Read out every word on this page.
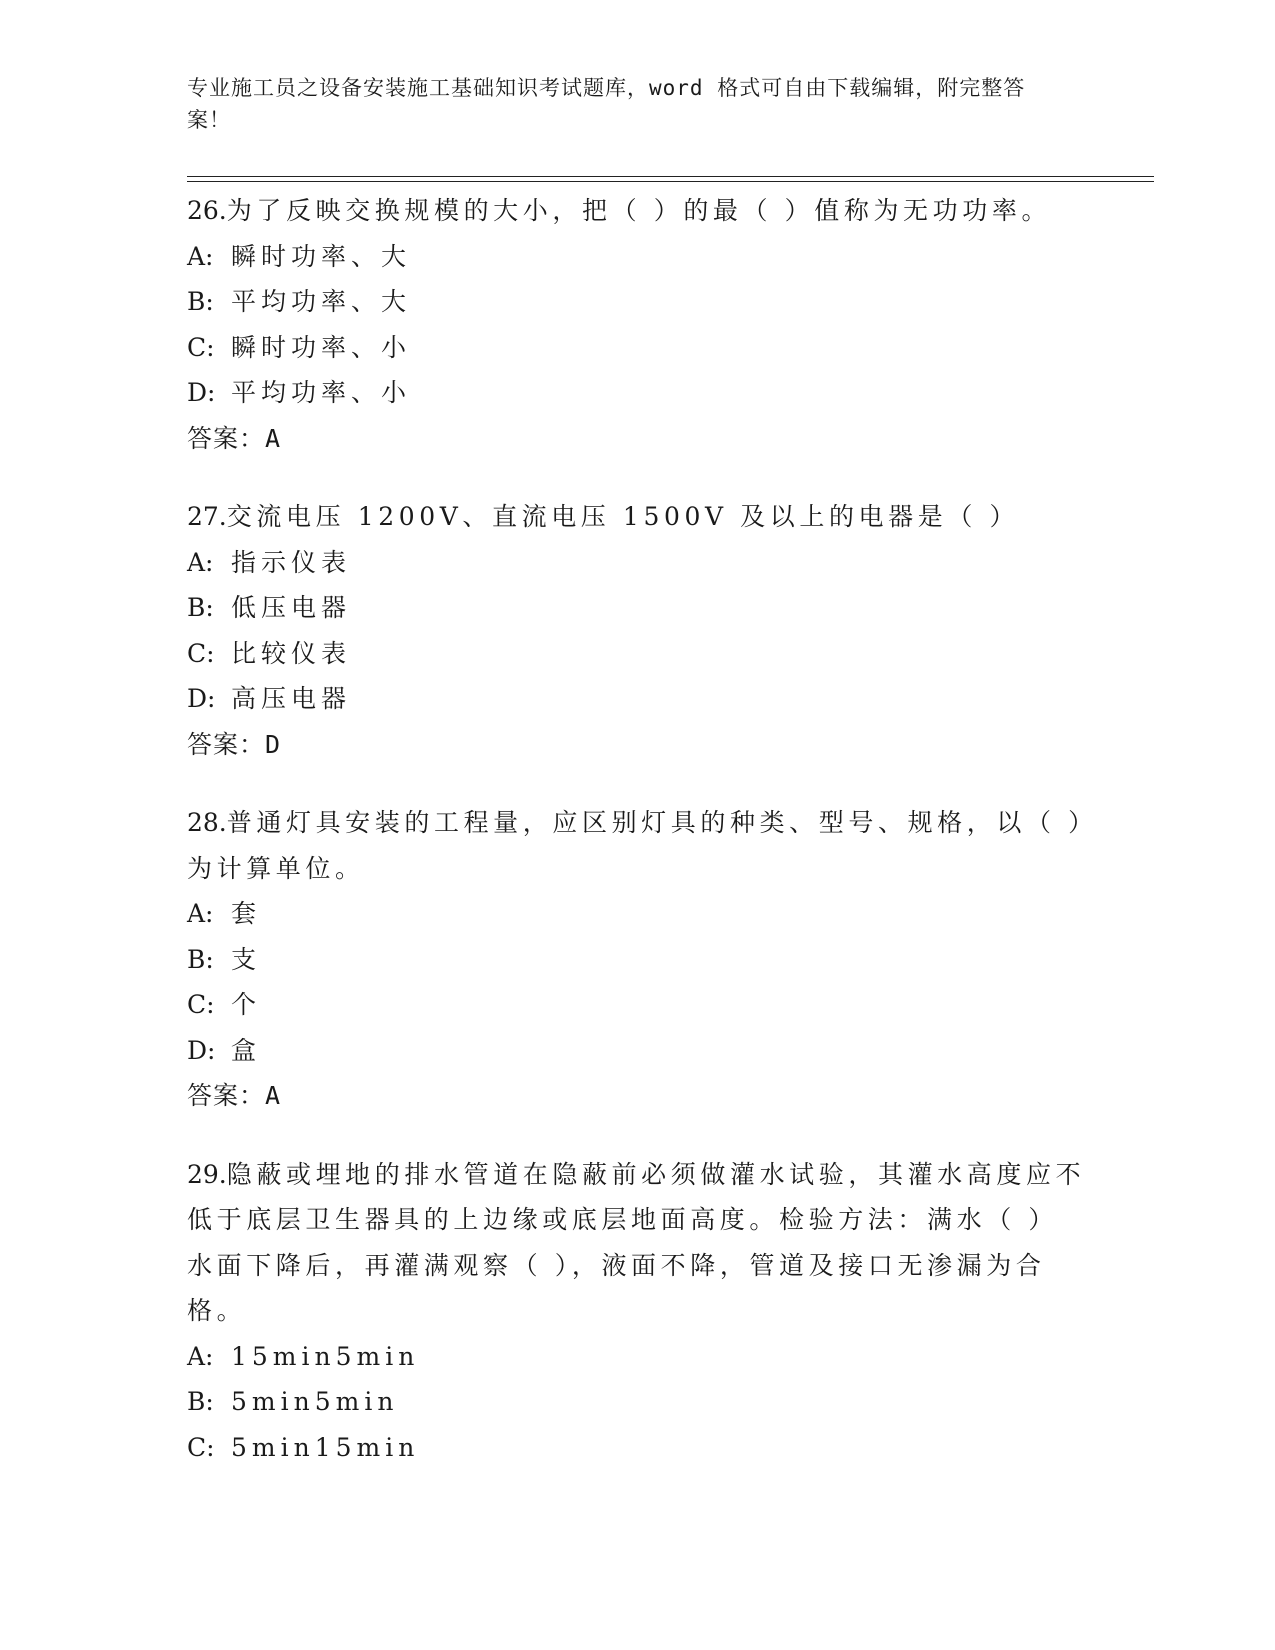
专业施工员之设备安装施工基础知识考试题库，word 格式可自由下载编辑，附完整答案！
26.为了反映交换规模的大小，把（ ）的最（ ）值称为无功功率。
A: 瞬时功率、大
B: 平均功率、大
C: 瞬时功率、小
D: 平均功率、小
答案：A
27.交流电压 1200V、直流电压 1500V 及以上的电器是（ ）
A: 指示仪表
B: 低压电器
C: 比较仪表
D: 高压电器
答案：D
28.普通灯具安装的工程量，应区别灯具的种类、型号、规格，以（ ）为计算单位。
A: 套
B: 支
C: 个
D: 盒
答案：A
29.隐蔽或埋地的排水管道在隐蔽前必须做灌水试验，其灌水高度应不低于底层卫生器具的上边缘或底层地面高度。检验方法：满水（ ）水面下降后，再灌满观察（ ），液面不降，管道及接口无渗漏为合格。
A: 15min5min
B: 5min5min
C: 5min15min
